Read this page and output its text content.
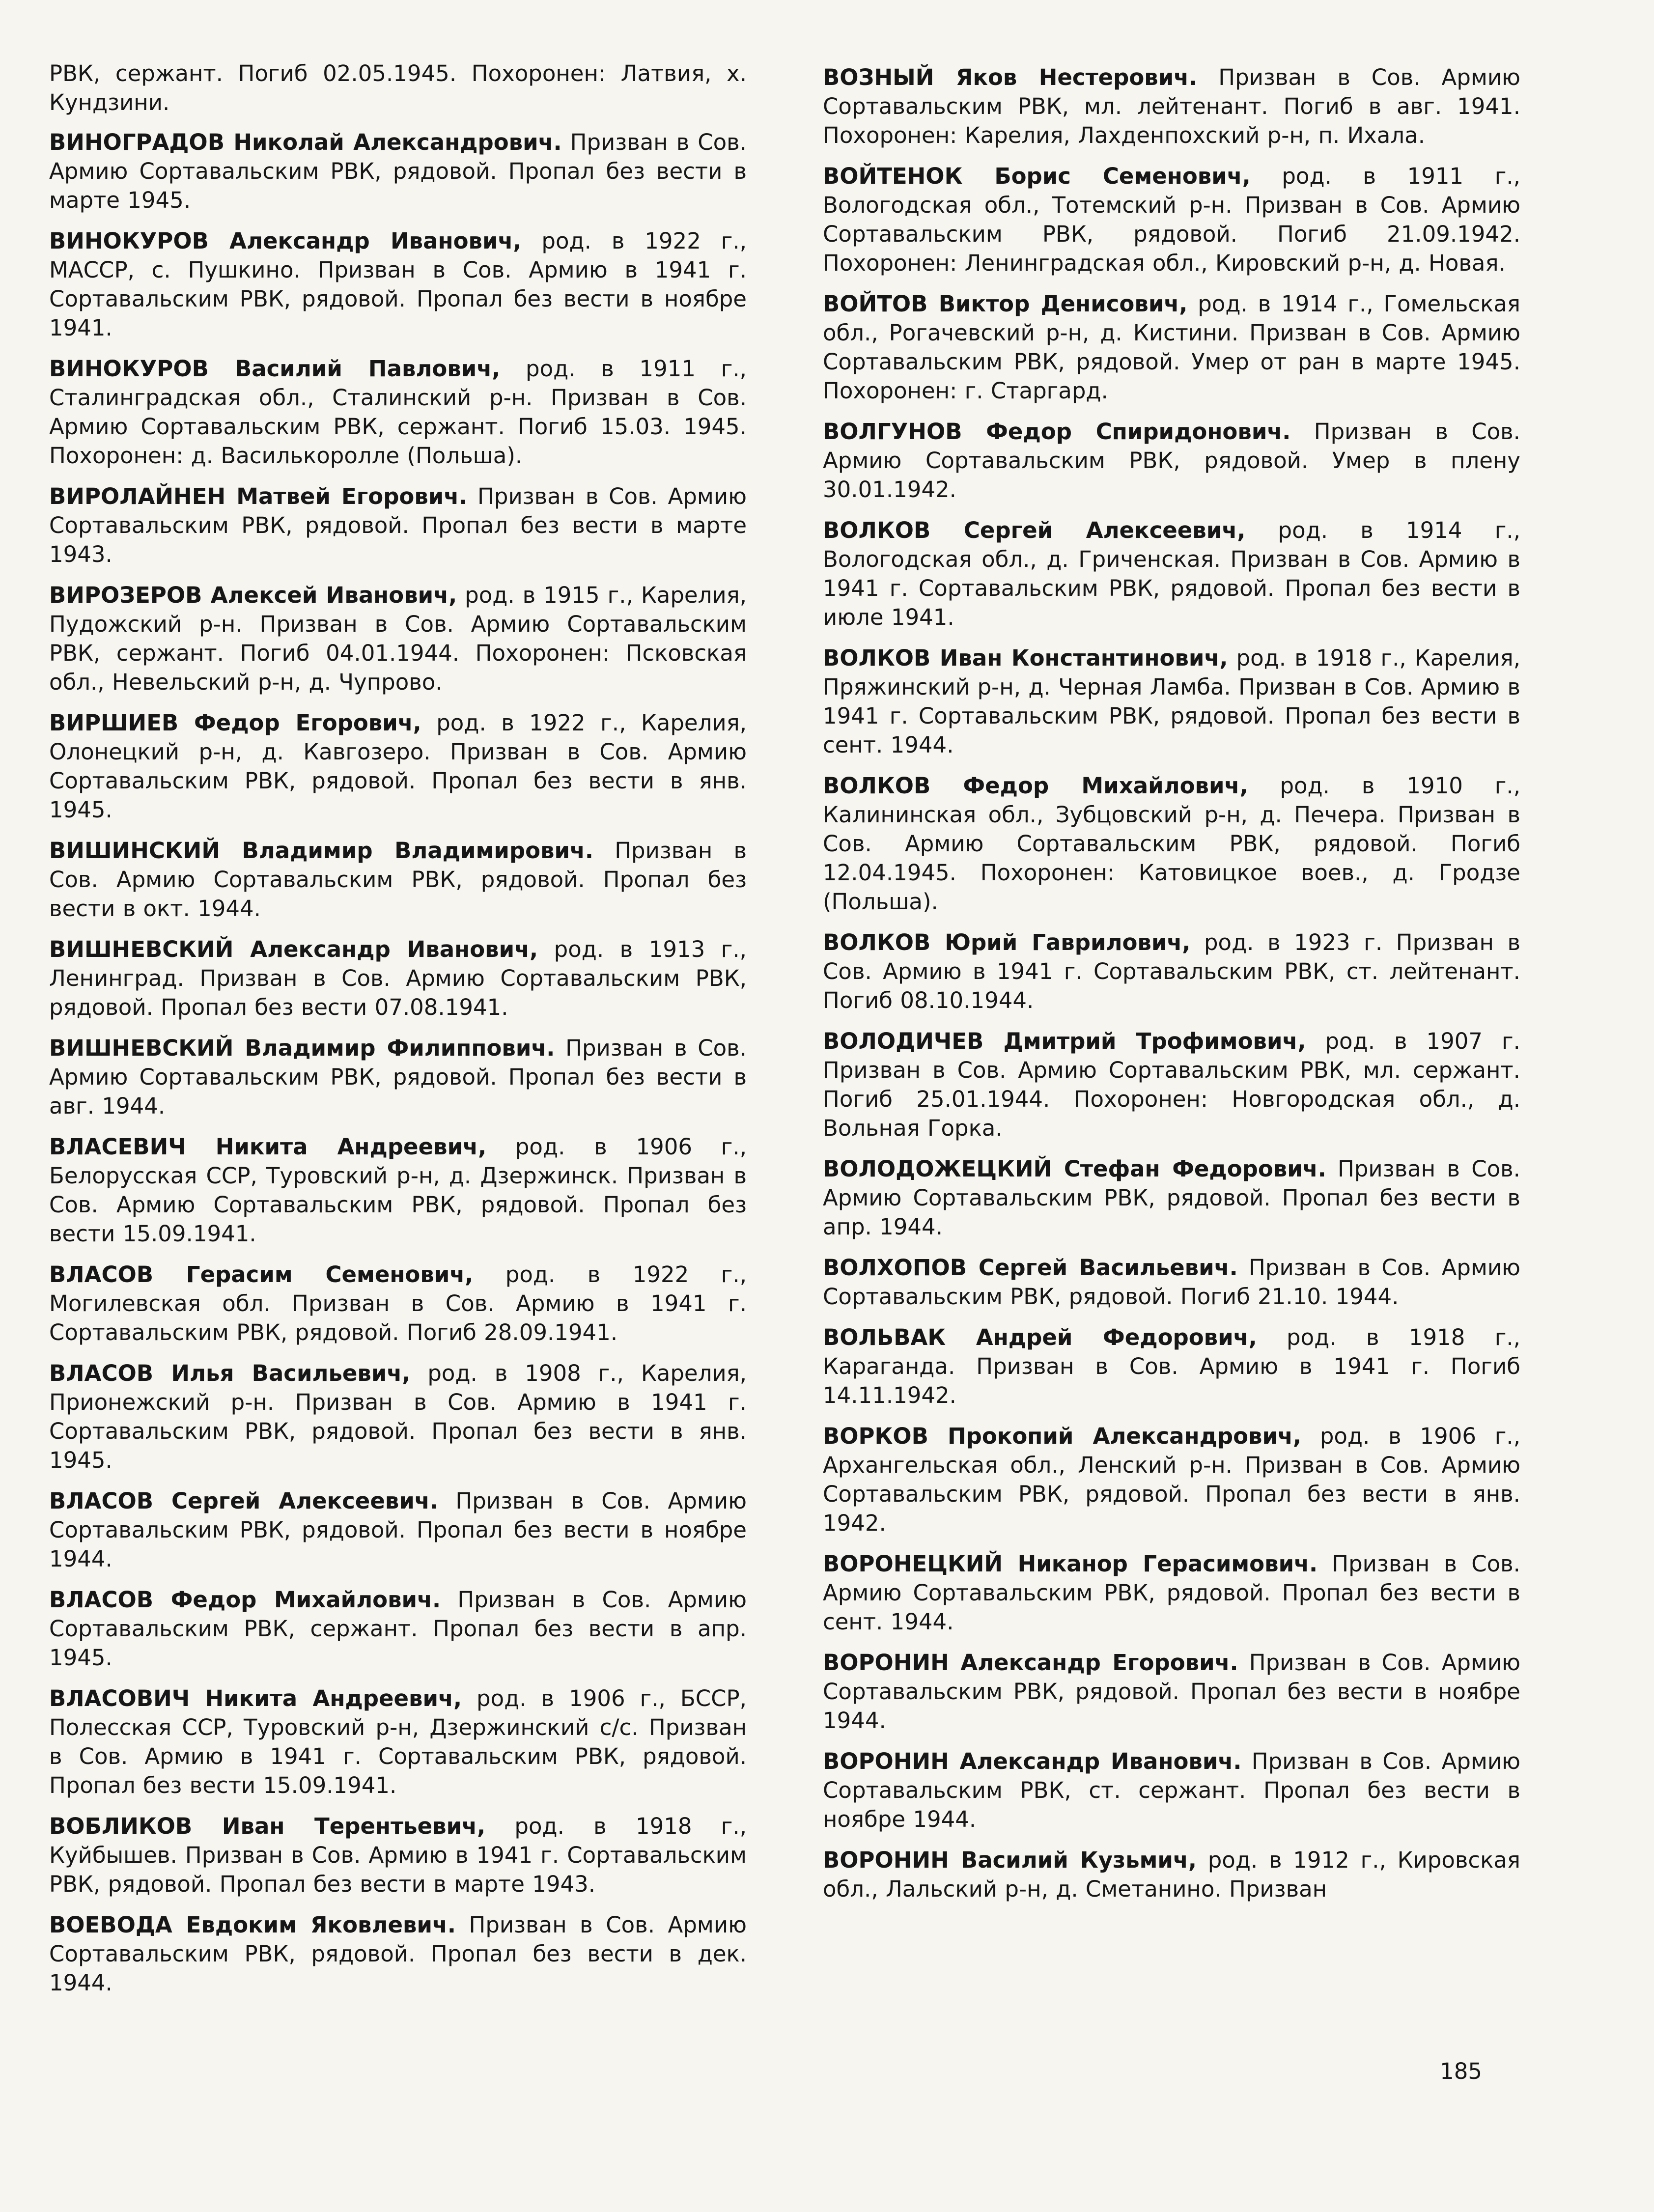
РВК, сержант. Погиб 02.05.1945. Похоронен: Латвия, х. Кундзини.

ВИНОГРАДОВ Николай Александрович. Призван в Сов. Армию Сортавальским РВК, рядовой. Пропал без вести в марте 1945.

ВИНОКУРОВ Александр Иванович, род. в 1922 г., МАССР, с. Пушкино. Призван в Сов. Армию в 1941 г. Сортавальским РВК, рядовой. Пропал без вести в ноябре 1941.

ВИНОКУРОВ Василий Павлович, род. в 1911 г., Сталинградская обл., Сталинский р-н. Призван в Сов. Армию Сортавальским РВК, сержант. Погиб 15.03. 1945. Похоронен: д. Василькоролле (Польша).

ВИРОЛАЙНЕН Матвей Егорович. Призван в Сов. Армию Сортавальским РВК, рядовой. Пропал без вести в марте 1943.

ВИРОЗЕРОВ Алексей Иванович, род. в 1915 г., Карелия, Пудожский р-н. Призван в Сов. Армию Сортавальским РВК, сержант. Погиб 04.01.1944. Похоронен: Псковская обл., Невельский р-н, д. Чупрово.

ВИРШИЕВ Федор Егорович, род. в 1922 г., Карелия, Олонецкий р-н, д. Кавгозеро. Призван в Сов. Армию Сортавальским РВК, рядовой. Пропал без вести в янв. 1945.

ВИШИНСКИЙ Владимир Владимирович. Призван в Сов. Армию Сортавальским РВК, рядовой. Пропал без вести в окт. 1944.

ВИШНЕВСКИЙ Александр Иванович, род. в 1913 г., Ленинград. Призван в Сов. Армию Сортавальским РВК, рядовой. Пропал без вести 07.08.1941.

ВИШНЕВСКИЙ Владимир Филиппович. Призван в Сов. Армию Сортавальским РВК, рядовой. Пропал без вести в авг. 1944.

ВЛАСЕВИЧ Никита Андреевич, род. в 1906 г., Белорусская ССР, Туровский р-н, д. Дзержинск. Призван в Сов. Армию Сортавальским РВК, рядовой. Пропал без вести 15.09.1941.

ВЛАСОВ Герасим Семенович, род. в 1922 г., Могилевская обл. Призван в Сов. Армию в 1941 г. Сортавальским РВК, рядовой. Погиб 28.09.1941.

ВЛАСОВ Илья Васильевич, род. в 1908 г., Карелия, Прионежский р-н. Призван в Сов. Армию в 1941 г. Сортавальским РВК, рядовой. Пропал без вести в янв. 1945.

ВЛАСОВ Сергей Алексеевич. Призван в Сов. Армию Сортавальским РВК, рядовой. Пропал без вести в ноябре 1944.

ВЛАСОВ Федор Михайлович. Призван в Сов. Армию Сортавальским РВК, сержант. Пропал без вести в апр. 1945.

ВЛАСОВИЧ Никита Андреевич, род. в 1906 г., БССР, Полесская ССР, Туровский р-н, Дзержинский с/с. Призван в Сов. Армию в 1941 г. Сортавальским РВК, рядовой. Пропал без вести 15.09.1941.

ВОБЛИКОВ Иван Терентьевич, род. в 1918 г., Куйбышев. Призван в Сов. Армию в 1941 г. Сортавальским РВК, рядовой. Пропал без вести в марте 1943.

ВОЕВОДА Евдоким Яковлевич. Призван в Сов. Армию Сортавальским РВК, рядовой. Пропал без вести в дек. 1944.

ВОЗНЫЙ Яков Нестерович. Призван в Сов. Армию Сортавальским РВК, мл. лейтенант. Погиб в авг. 1941. Похоронен: Карелия, Лахденпохский р-н, п. Ихала.

ВОЙТЕНОК Борис Семенович, род. в 1911 г., Вологодская обл., Тотемский р-н. Призван в Сов. Армию Сортавальским РВК, рядовой. Погиб 21.09.1942. Похоронен: Ленинградская обл., Кировский р-н, д. Новая.

ВОЙТОВ Виктор Денисович, род. в 1914 г., Гомельская обл., Рогачевский р-н, д. Кистини. Призван в Сов. Армию Сортавальским РВК, рядовой. Умер от ран в марте 1945. Похоронен: г. Старгард.

ВОЛГУНОВ Федор Спиридонович. Призван в Сов. Армию Сортавальским РВК, рядовой. Умер в плену 30.01.1942.

ВОЛКОВ Сергей Алексеевич, род. в 1914 г., Вологодская обл., д. Гриченская. Призван в Сов. Армию в 1941 г. Сортавальским РВК, рядовой. Пропал без вести в июле 1941.

ВОЛКОВ Иван Константинович, род. в 1918 г., Карелия, Пряжинский р-н, д. Черная Ламба. Призван в Сов. Армию в 1941 г. Сортавальским РВК, рядовой. Пропал без вести в сент. 1944.

ВОЛКОВ Федор Михайлович, род. в 1910 г., Калининская обл., Зубцовский р-н, д. Печера. Призван в Сов. Армию Сортавальским РВК, рядовой. Погиб 12.04.1945. Похоронен: Катовицкое воев., д. Гродзе (Польша).

ВОЛКОВ Юрий Гаврилович, род. в 1923 г. Призван в Сов. Армию в 1941 г. Сортавальским РВК, ст. лейтенант. Погиб 08.10.1944.

ВОЛОДИЧЕВ Дмитрий Трофимович, род. в 1907 г. Призван в Сов. Армию Сортавальским РВК, мл. сержант. Погиб 25.01.1944. Похоронен: Новгородская обл., д. Вольная Горка.

ВОЛОДОЖЕЦКИЙ Стефан Федорович. Призван в Сов. Армию Сортавальским РВК, рядовой. Пропал без вести в апр. 1944.

ВОЛХОПОВ Сергей Васильевич. Призван в Сов. Армию Сортавальским РВК, рядовой. Погиб 21.10. 1944.

ВОЛЬВАК Андрей Федорович, род. в 1918 г., Караганда. Призван в Сов. Армию в 1941 г. Погиб 14.11.1942.

ВОРКОВ Прокопий Александрович, род. в 1906 г., Архангельская обл., Ленский р-н. Призван в Сов. Армию Сортавальским РВК, рядовой. Пропал без вести в янв. 1942.

ВОРОНЕЦКИЙ Никанор Герасимович. Призван в Сов. Армию Сортавальским РВК, рядовой. Пропал без вести в сент. 1944.

ВОРОНИН Александр Егорович. Призван в Сов. Армию Сортавальским РВК, рядовой. Пропал без вести в ноябре 1944.

ВОРОНИН Александр Иванович. Призван в Сов. Армию Сортавальским РВК, ст. сержант. Пропал без вести в ноябре 1944.

ВОРОНИН Василий Кузьмич, род. в 1912 г., Кировская обл., Лальский р-н, д. Сметанино. Призван

185
